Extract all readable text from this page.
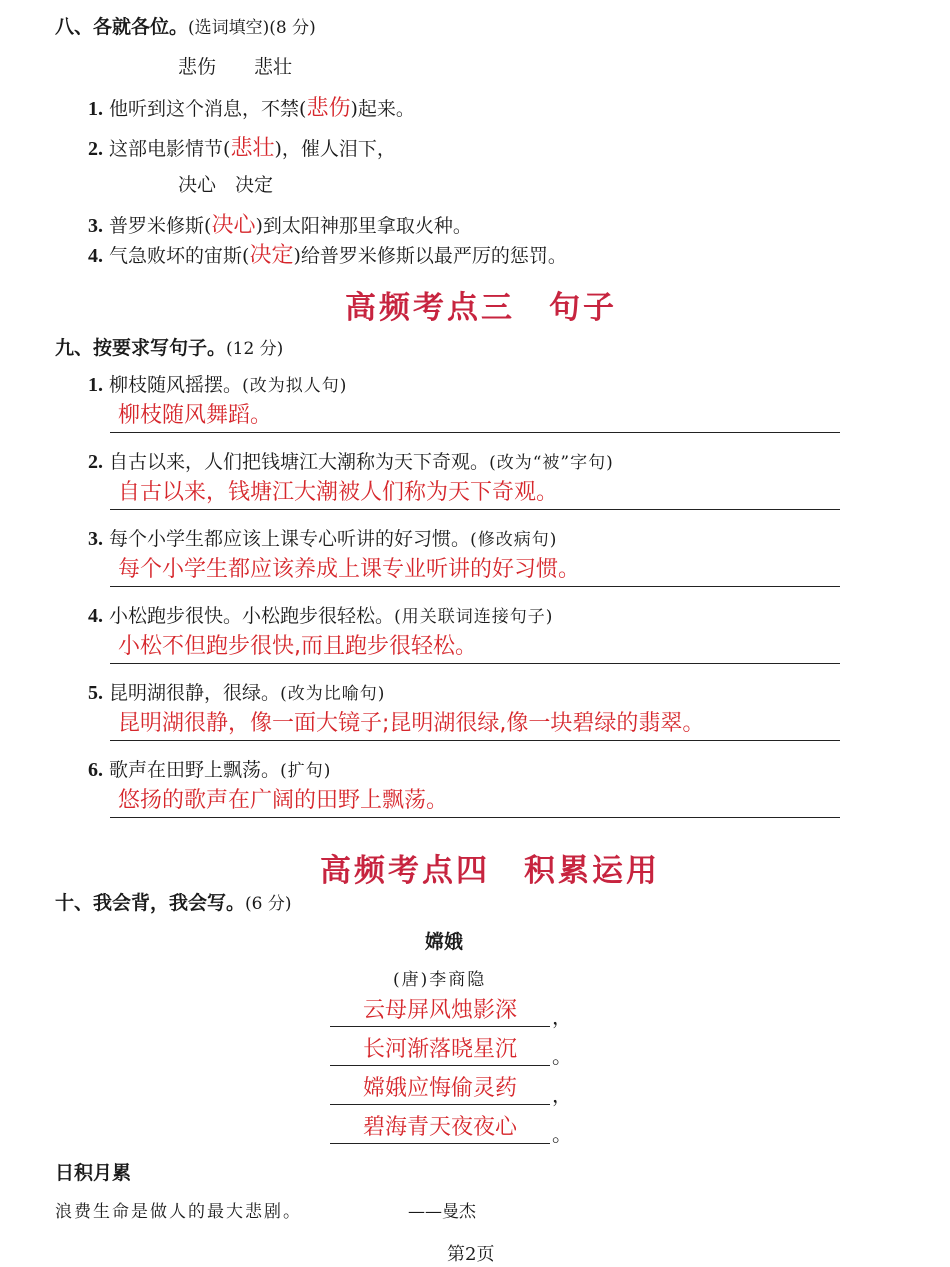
八、各就各位。(选词填空)(8 分)
悲伤　　悲壮
1. 他听到这个消息，不禁(悲伤)起来。
2. 这部电影情节(悲壮)，催人泪下，
决心　决定
3. 普罗米修斯(决心)到太阳神那里拿取火种。
4. 气急败坏的宙斯(决定)给普罗米修斯以最严厉的惩罚。
高频考点三　句子
九、按要求写句子。(12 分)
1. 柳枝随风摇摆。(改为拟人句)
柳枝随风舞蹈。
2. 自古以来，人们把钱塘江大潮称为天下奇观。(改为“被”字句)
自古以来，钱塘江大潮被人们称为天下奇观。
3. 每个小学生都应该上课专心听讲的好习惯。(修改病句)
每个小学生都应该养成上课专业听讲的好习惯。
4. 小松跑步很快。小松跑步很轻松。(用关联词连接句子)
小松不但跑步很快,而且跑步很轻松。
5. 昆明湖很静，很绿。(改为比喻句)
昆明湖很静，像一面大镜子;昆明湖很绿,像一块碧绿的翡翠。
6. 歌声在田野上飘荡。(扩句)
悠扬的歌声在广阔的田野上飘荡。
高频考点四　积累运用
十、我会背，我会写。(6 分)
嫦娥
(唐)李商隐
云母屏风烛影深	，
长河渐落晓星沉	。
嫦娥应悔偷灵药	，
碧海青天夜夜心	。
日积月累
浪费生命是做人的最大悲剧。	——曼杰
第2页
